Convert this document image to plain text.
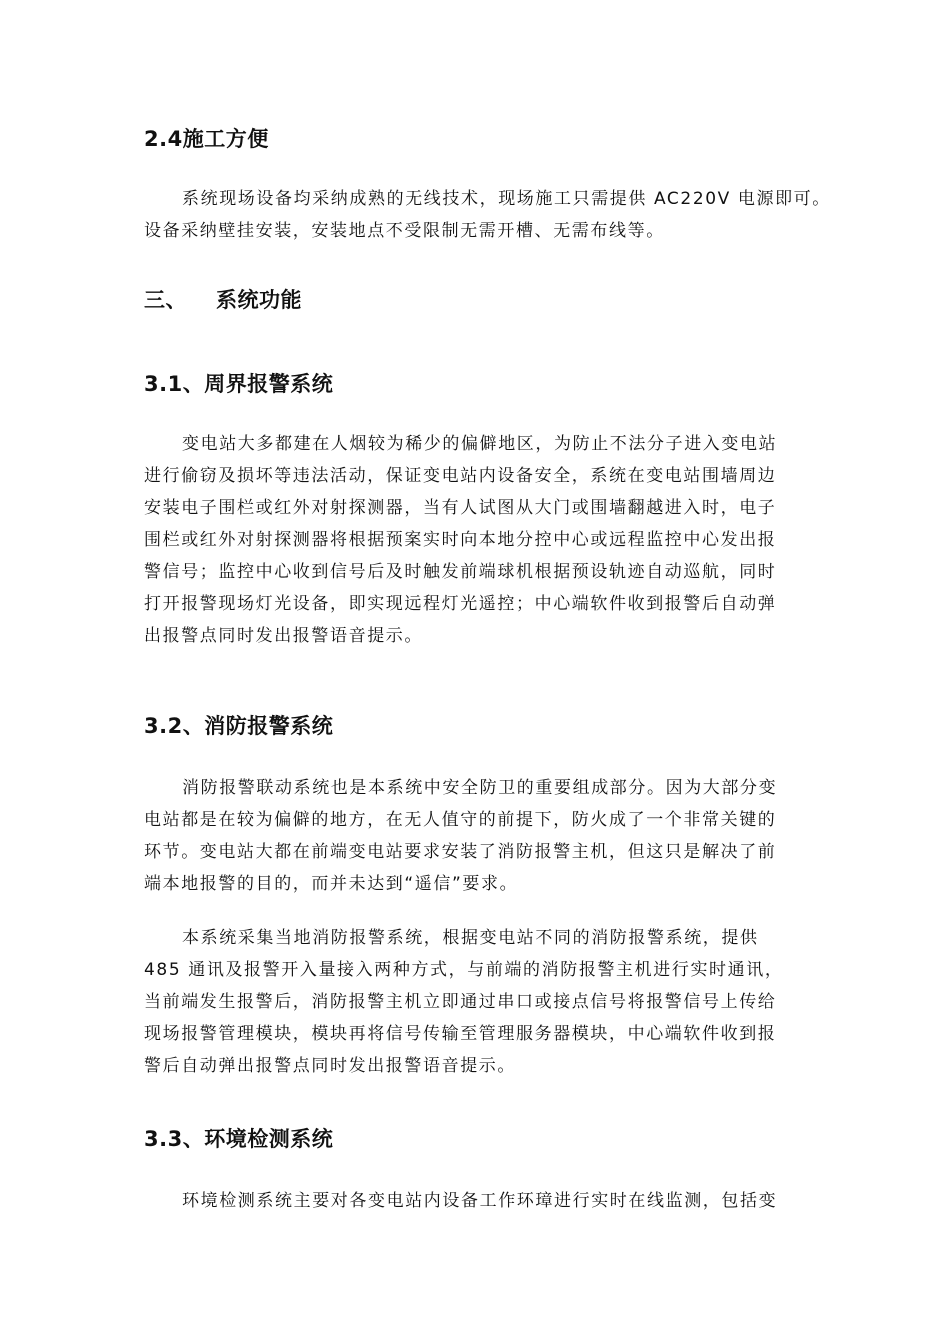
2.4施工方便
系统现场设备均采纳成熟的无线技术，现场施工只需提供 AC220V 电源即可。
设备采纳壁挂安装，安装地点不受限制无需开槽、无需布线等。
三、 系统功能
3.1、周界报警系统
变电站大多都建在人烟较为稀少的偏僻地区，为防止不法分子进入变电站
进行偷窃及损坏等违法活动，保证变电站内设备安全，系统在变电站围墙周边
安装电子围栏或红外对射探测器，当有人试图从大门或围墙翻越进入时，电子
围栏或红外对射探测器将根据预案实时向本地分控中心或远程监控中心发出报
警信号；监控中心收到信号后及时触发前端球机根据预设轨迹自动巡航，同时
打开报警现场灯光设备，即实现远程灯光遥控；中心端软件收到报警后自动弹
出报警点同时发出报警语音提示。
3.2、消防报警系统
消防报警联动系统也是本系统中安全防卫的重要组成部分。因为大部分变
电站都是在较为偏僻的地方，在无人值守的前提下，防火成了一个非常关键的
环节。变电站大都在前端变电站要求安装了消防报警主机，但这只是解决了前
端本地报警的目的，而并未达到“遥信”要求。
本系统采集当地消防报警系统，根据变电站不同的消防报警系统，提供
485 通讯及报警开入量接入两种方式，与前端的消防报警主机进行实时通讯，
当前端发生报警后，消防报警主机立即通过串口或接点信号将报警信号上传给
现场报警管理模块，模块再将信号传输至管理服务器模块，中心端软件收到报
警后自动弹出报警点同时发出报警语音提示。
3.3、环境检测系统
环境检测系统主要对各变电站内设备工作环璋进行实时在线监测，包括变
